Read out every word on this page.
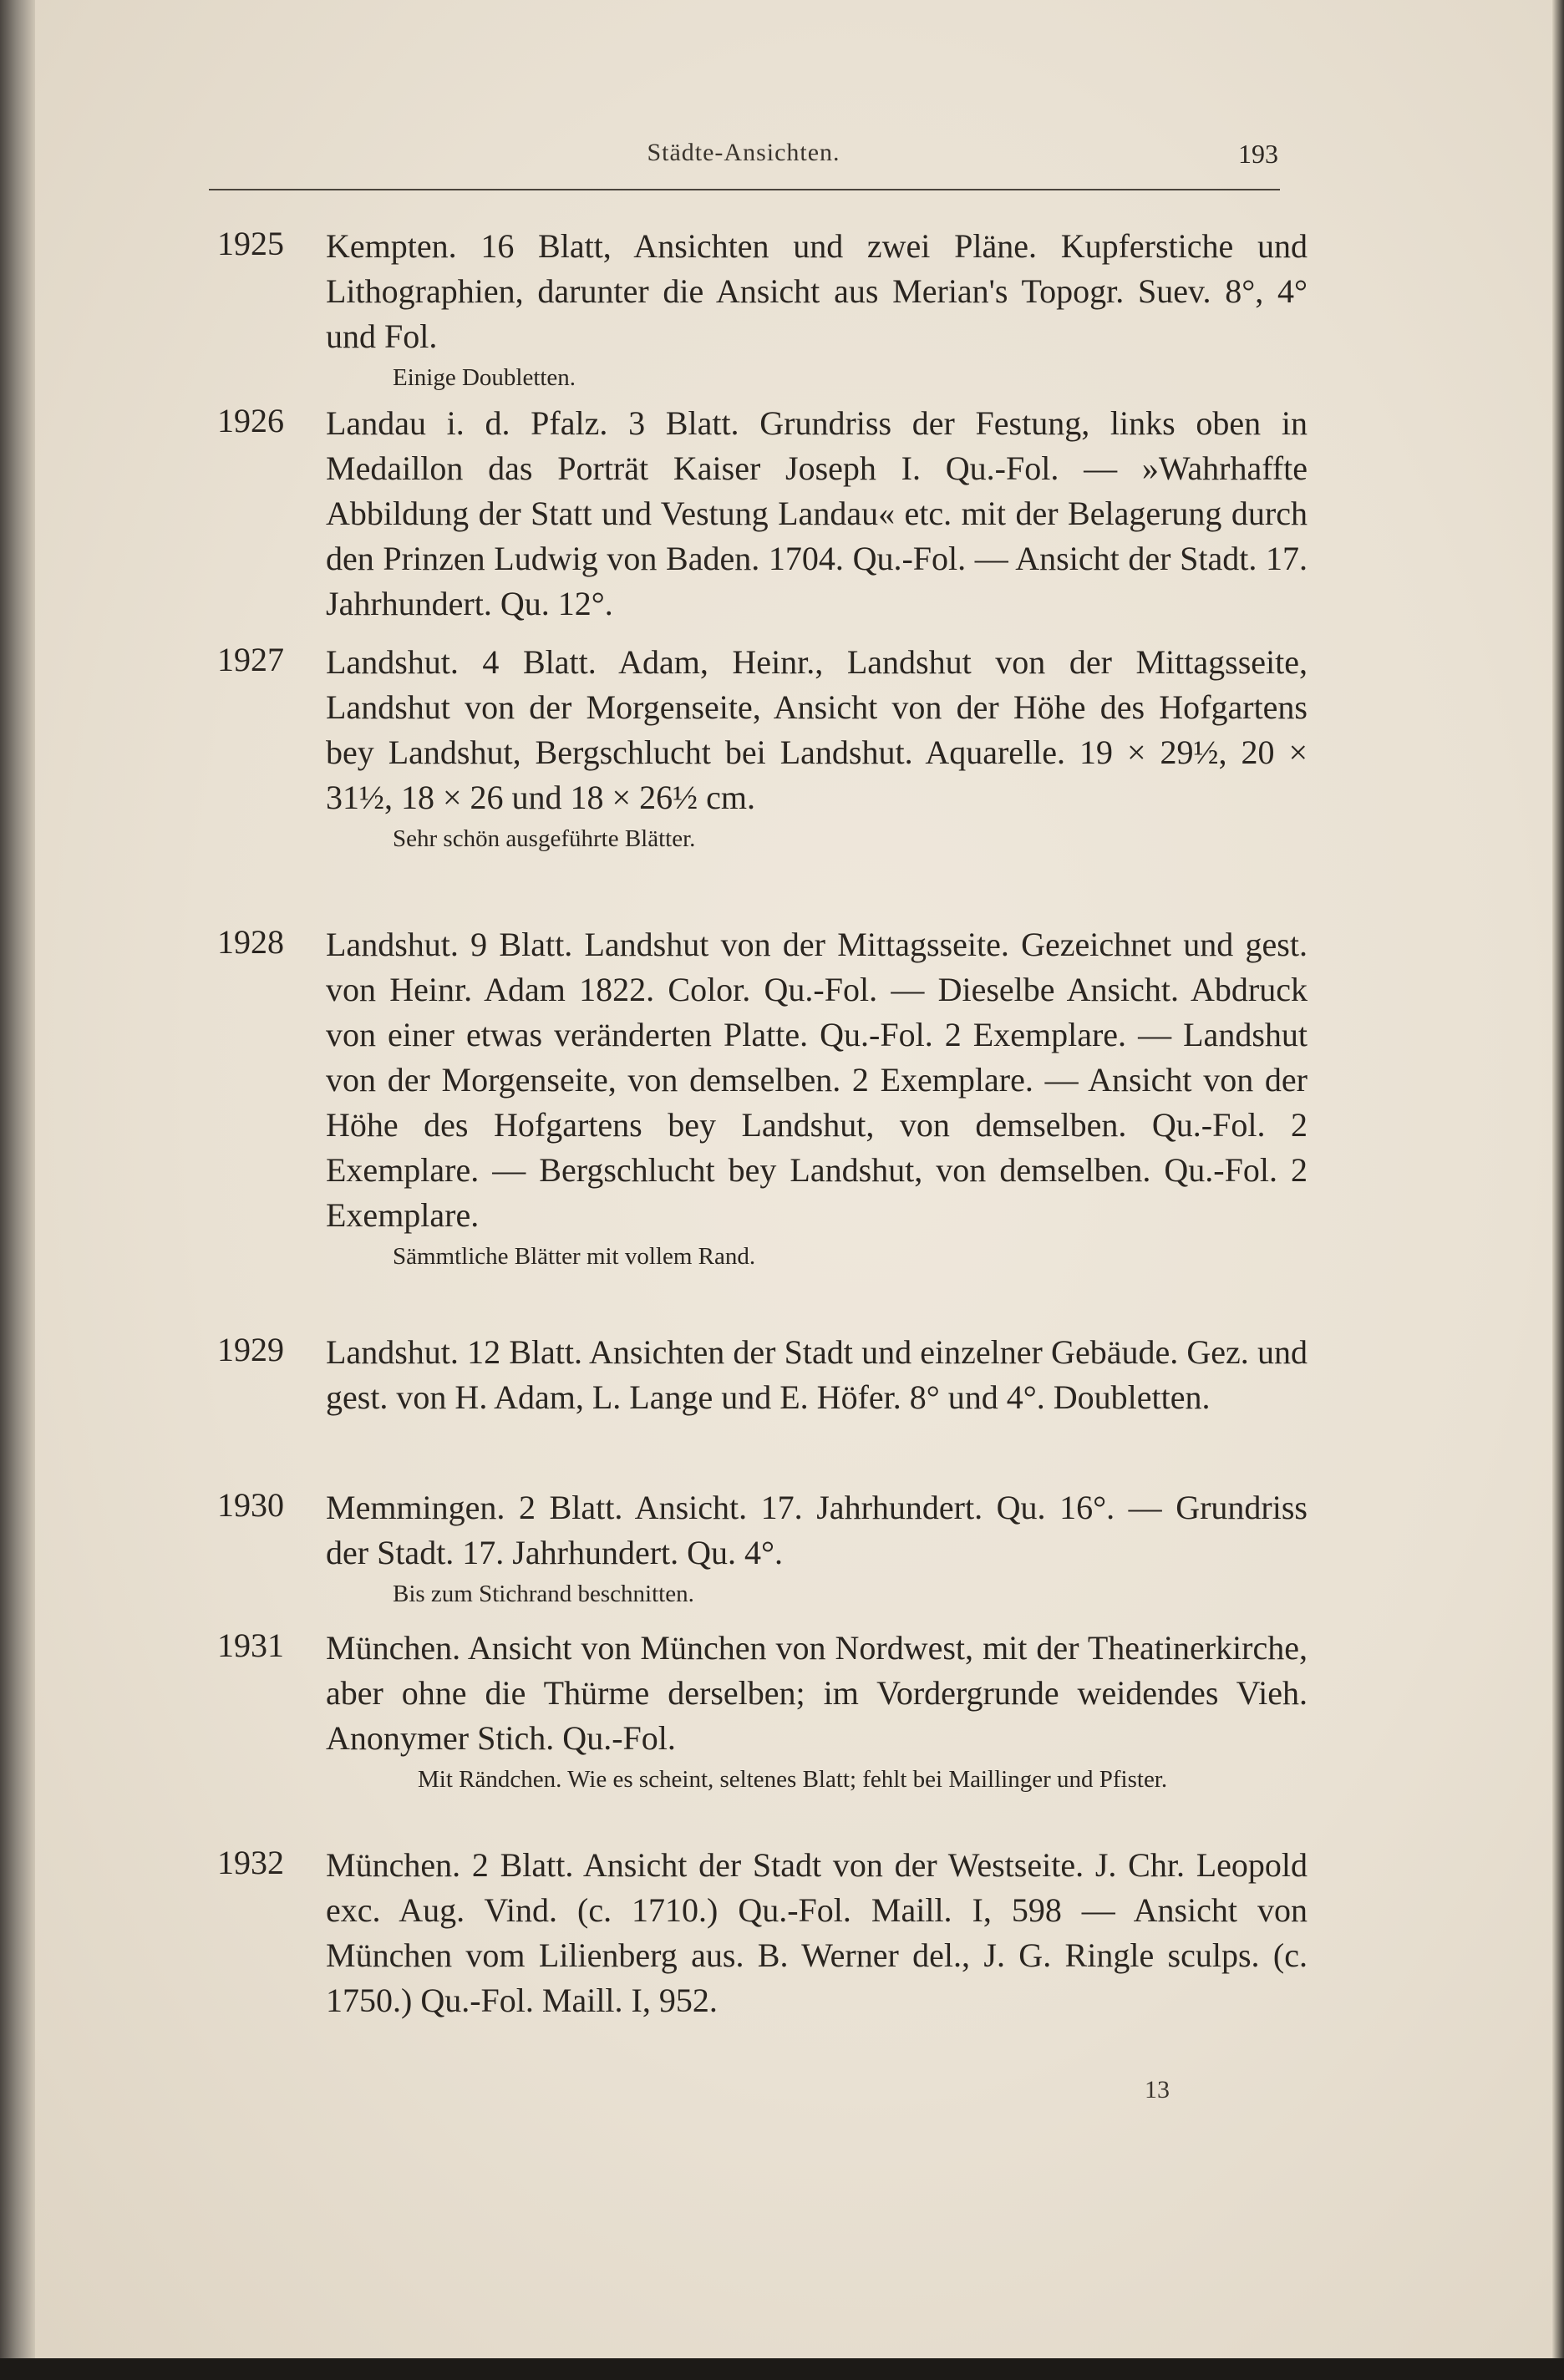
Städte-Ansichten.	193
1925 Kempten. 16 Blatt, Ansichten und zwei Pläne. Kupferstiche und Lithographien, darunter die Ansicht aus Merian's Topogr. Suev. 8°, 4° und Fol.
Einige Doubletten.
1926 Landau i. d. Pfalz. 3 Blatt. Grundriss der Festung, links oben in Medaillon das Porträt Kaiser Joseph I. Qu.-Fol. — »Wahrhaffte Abbildung der Statt und Vestung Landau« etc. mit der Belagerung durch den Prinzen Ludwig von Baden. 1704. Qu.-Fol. — Ansicht der Stadt. 17. Jahrhundert. Qu. 12°.
1927 Landshut. 4 Blatt. Adam, Heinr., Landshut von der Mittagsseite, Landshut von der Morgenseite, Ansicht von der Höhe des Hofgartens bey Landshut, Bergschlucht bei Landshut. Aquarelle. 19 × 29½, 20 × 31½, 18 × 26 und 18 × 26½ cm.
Sehr schön ausgeführte Blätter.
1928 Landshut. 9 Blatt. Landshut von der Mittagsseite. Gezeichnet und gest. von Heinr. Adam 1822. Color. Qu.-Fol. — Dieselbe Ansicht. Abdruck von einer etwas veränderten Platte. Qu.-Fol. 2 Exemplare. — Landshut von der Morgenseite, von demselben. 2 Exemplare. — Ansicht von der Höhe des Hofgartens bey Landshut, von demselben. Qu.-Fol. 2 Exemplare. — Bergschlucht bey Landshut, von demselben. Qu.-Fol. 2 Exemplare.
Sämmtliche Blätter mit vollem Rand.
1929 Landshut. 12 Blatt. Ansichten der Stadt und einzelner Gebäude. Gez. und gest. von H. Adam, L. Lange und E. Höfer. 8° und 4°. Doubletten.
1930 Memmingen. 2 Blatt. Ansicht. 17. Jahrhundert. Qu. 16°. — Grundriss der Stadt. 17. Jahrhundert. Qu. 4°.
Bis zum Stichrand beschnitten.
1931 München. Ansicht von München von Nordwest, mit der Theatinerkirche, aber ohne die Thürme derselben; im Vordergrunde weidendes Vieh. Anonymer Stich. Qu.-Fol.
Mit Rändchen. Wie es scheint, seltenes Blatt; fehlt bei Maillinger und Pfister.
1932 München. 2 Blatt. Ansicht der Stadt von der Westseite. J. Chr. Leopold exc. Aug. Vind. (c. 1710.) Qu.-Fol. Maill. I, 598 — Ansicht von München vom Lilienberg aus. B. Werner del., J. G. Ringle sculps. (c. 1750.) Qu.-Fol. Maill. I, 952.
13
